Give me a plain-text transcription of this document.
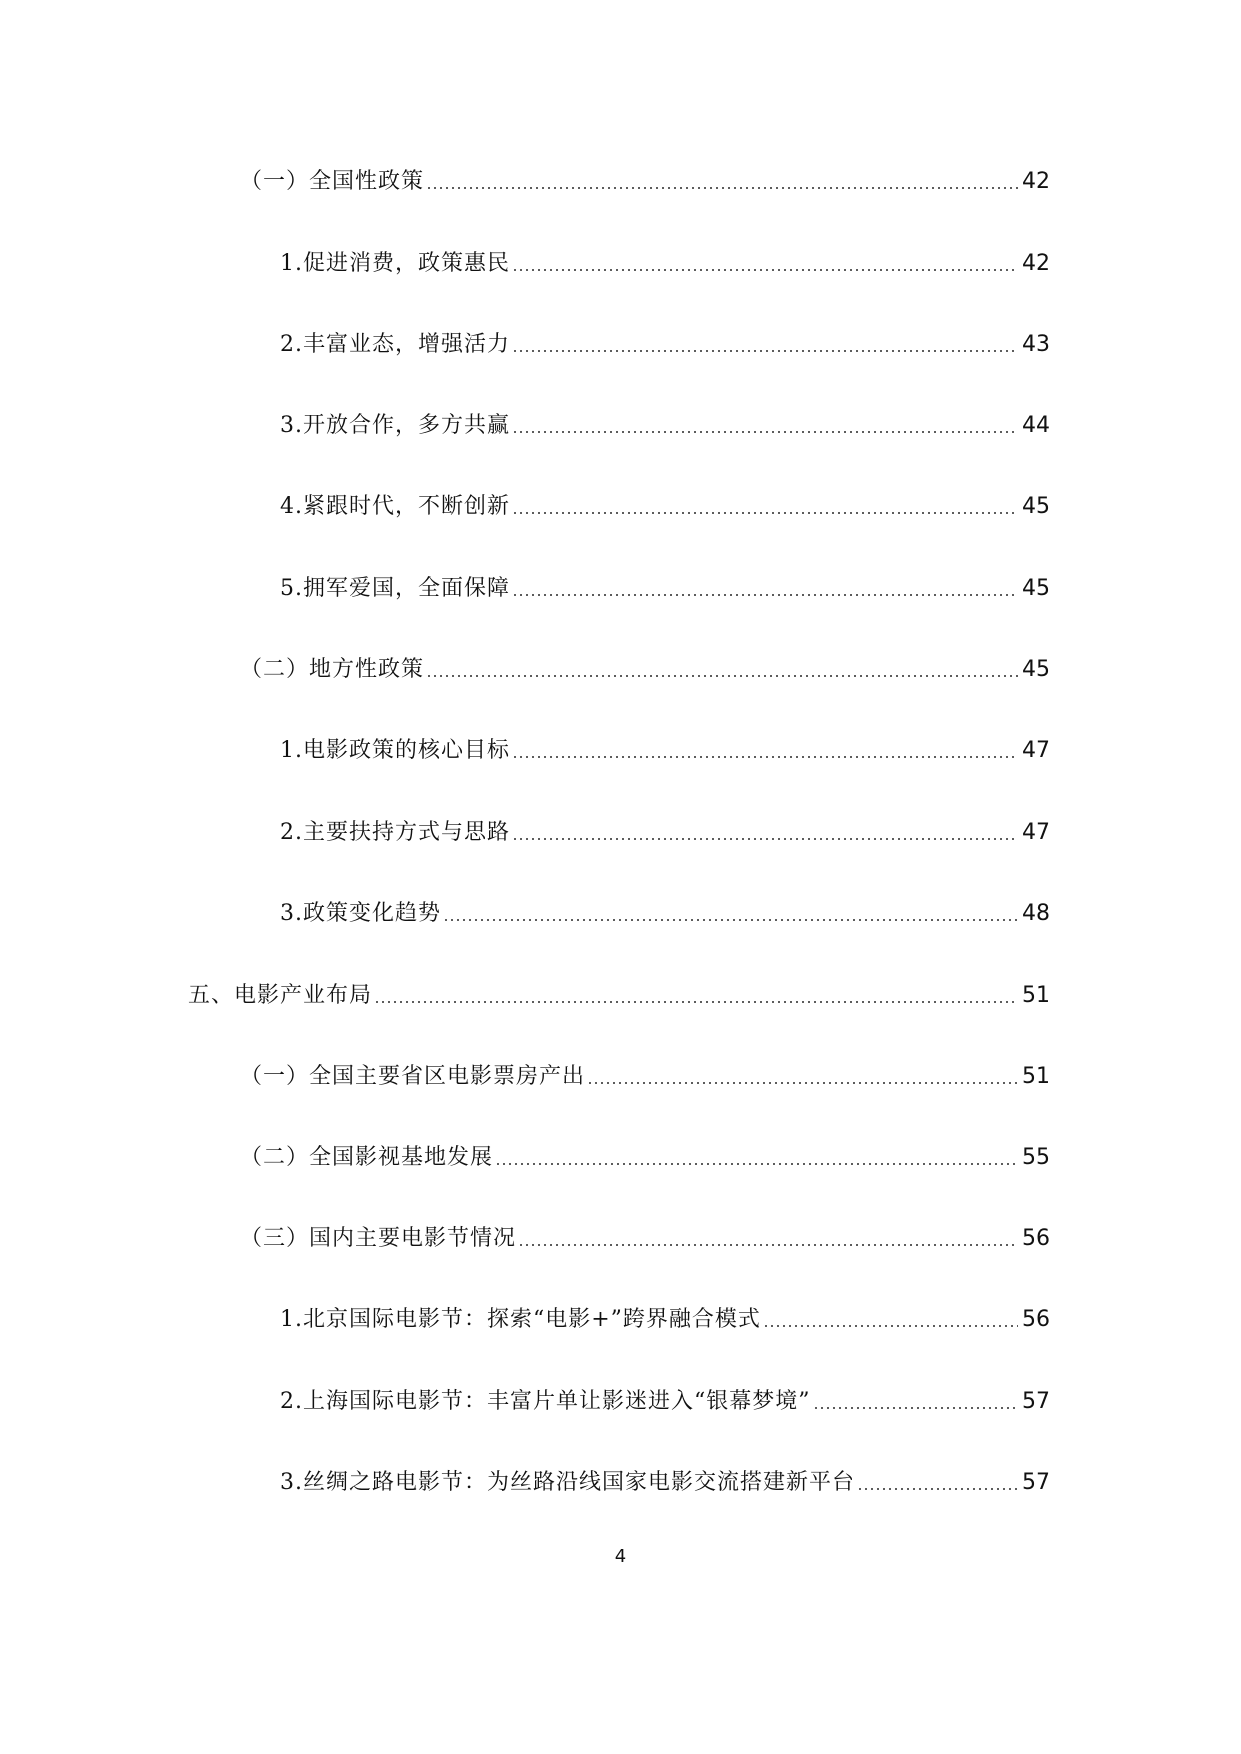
（一）全国性政策	42
1.促进消费，政策惠民	42
2.丰富业态，增强活力	43
3.开放合作，多方共赢	44
4.紧跟时代，不断创新	45
5.拥军爱国，全面保障	45
（二）地方性政策	45
1.电影政策的核心目标	47
2.主要扶持方式与思路	47
3.政策变化趋势	48
五、电影产业布局	51
（一）全国主要省区电影票房产出	51
（二）全国影视基地发展	55
（三）国内主要电影节情况	56
1.北京国际电影节：探索“电影+”跨界融合模式	56
2.上海国际电影节：丰富片单让影迷进入“银幕梦境”	57
3.丝绸之路电影节：为丝路沿线国家电影交流搭建新平台	57
4
